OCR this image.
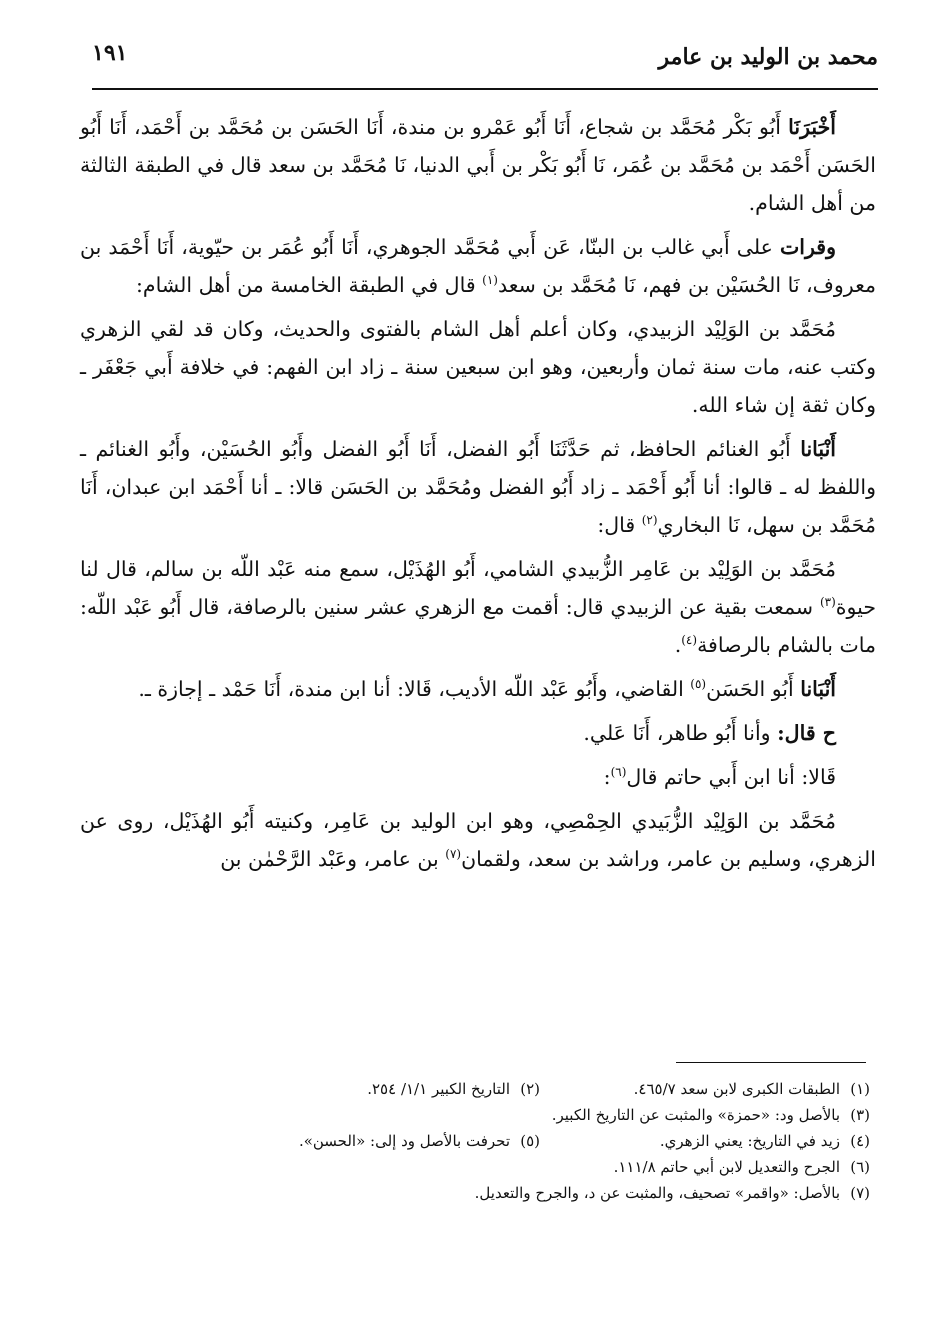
١٩١	محمد بن الوليد بن عامر

أَخْبَرَنَا أَبُو بَكْر مُحَمَّد بن شجاع، أَنَا أَبُو عَمْرو بن مندة، أَنَا الحَسَن بن مُحَمَّد بن أَحْمَد، أَنَا أَبُو الحَسَن أَحْمَد بن مُحَمَّد بن عُمَر، نَا أَبُو بَكْر بن أَبي الدنيا، نَا مُحَمَّد بن سعد قال في الطبقة الثالثة من أهل الشام.

وقرات على أَبي غالب بن البنّا، عَن أَبي مُحَمَّد الجوهري، أَنَا أَبُو عُمَر بن حيّوية، أَنَا أَحْمَد بن معروف، نَا الحُسَيْن بن فهم، نَا مُحَمَّد بن سعد$^{(١)}$ قال في الطبقة الخامسة من أهل الشام:

مُحَمَّد بن الوَلِيْد الزبيدي، وكان أعلم أهل الشام بالفتوى والحديث، وكان قد لقي الزهري وكتب عنه، مات سنة ثمان وأربعين، وهو ابن سبعين سنة ـ زاد ابن الفهم: في خلافة أَبي جَعْفَر ـ وكان ثقة إن شاء الله.

أَنْبَانا أَبُو الغنائم الحافظ، ثم حَدَّثَنَا أَبُو الفضل، أَنَا أَبُو الفضل وأَبُو الحُسَيْن، وأَبُو الغنائم ـ واللفظ له ـ قالوا: أنا أَبُو أَحْمَد ـ زاد أَبُو الفضل ومُحَمَّد بن الحَسَن قالا: ـ أنا أَحْمَد ابن عبدان، أَنَا مُحَمَّد بن سهل، نَا البخاري$^{(٢)}$ قال:

مُحَمَّد بن الوَلِيْد بن عَامِر الزُّبيدي الشامي، أَبُو الهُذَيْل، سمع منه عَبْد اللّه بن سالم، قال لنا حيوة$^{(٣)}$ سمعت بقية عن الزبيدي قال: أقمت مع الزهري عشر سنين بالرصافة، قال أَبُو عَبْد اللّه: مات بالشام بالرصافة$^{(٤)}$.

أَنْبَانا أَبُو الحَسَن$^{(٥)}$ القاضي، وأَبُو عَبْد اللّه الأديب، قَالا: أنا ابن مندة، أَنَا حَمْد ـ إجازة ـ.

ح قال: وأنا أَبُو طاهر، أَنَا عَلي.

قَالا: أنا ابن أَبي حاتم قال$^{(٦)}$:

مُحَمَّد بن الوَلِيْد الزُّبَيدي الحِمْصِي، وهو ابن الوليد بن عَامِر، وكنيته أَبُو الهُذَيْل، روى عن الزهري، وسليم بن عامر، وراشد بن سعد، ولقمان$^{(٧)}$ بن عامر، وعَبْد الرَّحْمٰن بن

(١)الطبقات الكبرى لابن سعد ٤٦٥/٧.(٢)التاريخ الكبير ١/١/ ٢٥٤.
(٣)بالأصل ود: «حمزة» والمثبت عن التاريخ الكبير.
(٤)زيد في التاريخ: يعني الزهري.(٥)تحرفت بالأصل ود إلى: «الحسن».
(٦)الجرح والتعديل لابن أبي حاتم ١١١/٨.
(٧)بالأصل: «واقمر» تصحيف، والمثبت عن د، والجرح والتعديل.
